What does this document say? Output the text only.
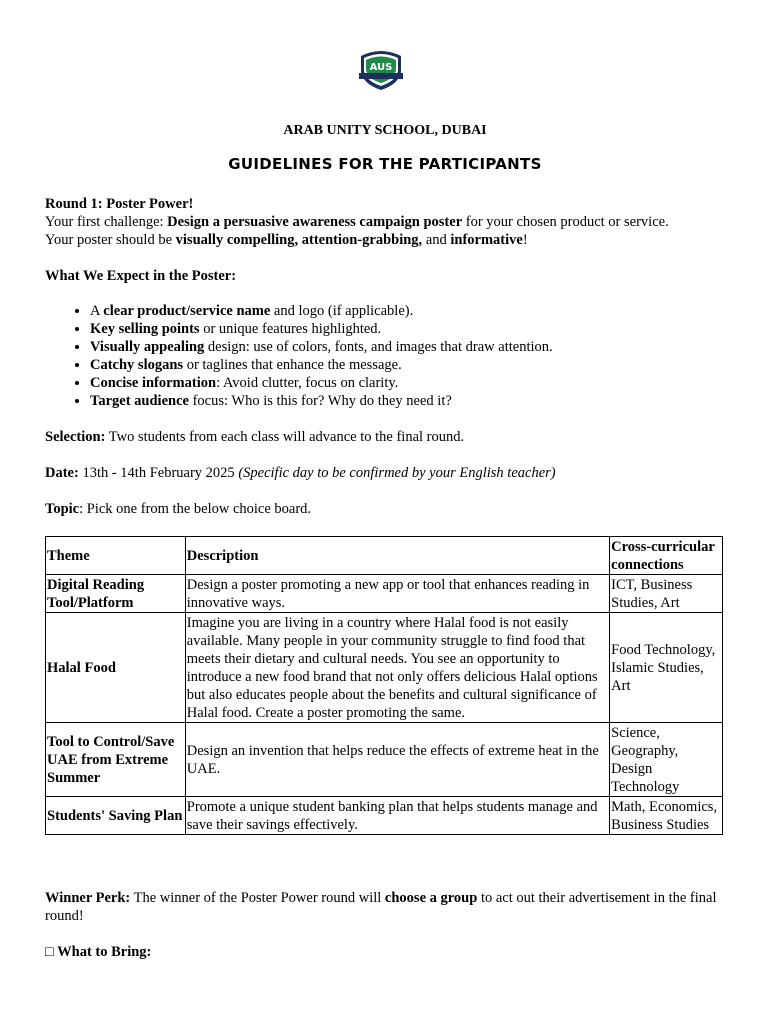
AUS
ARAB UNITY SCHOOL, DUBAI
GUIDELINES FOR THE PARTICIPANTS
Round 1: Poster Power!
Your first challenge: Design a persuasive awareness campaign poster for your chosen product or service.
Your poster should be visually compelling, attention-grabbing, and informative!
What We Expect in the Poster:
• A clear product/service name and logo (if applicable).
• Key selling points or unique features highlighted.
• Visually appealing design: use of colors, fonts, and images that draw attention.
• Catchy slogans or taglines that enhance the message.
• Concise information: Avoid clutter, focus on clarity.
• Target audience focus: Who is this for? Why do they need it?
Selection: Two students from each class will advance to the final round.
Date: 13th - 14th February 2025 (Specific day to be confirmed by your English teacher)
Topic: Pick one from the below choice board.
Theme	Description	Cross-curricular connections
Digital Reading Tool/Platform	Design a poster promoting a new app or tool that enhances reading in innovative ways.	ICT, Business Studies, Art
Halal Food	Imagine you are living in a country where Halal food is not easily available. Many people in your community struggle to find food that meets their dietary and cultural needs. You see an opportunity to introduce a new food brand that not only offers delicious Halal options but also educates people about the benefits and cultural significance of Halal food. Create a poster promoting the same.	Food Technology, Islamic Studies, Art
Tool to Control/Save UAE from Extreme Summer	Design an invention that helps reduce the effects of extreme heat in the UAE.	Science, Geography, Design Technology
Students' Saving Plan	Promote a unique student banking plan that helps students manage and save their savings effectively.	Math, Economics, Business Studies
Winner Perk: The winner of the Poster Power round will choose a group to act out their advertisement in the final round!
□ What to Bring:
